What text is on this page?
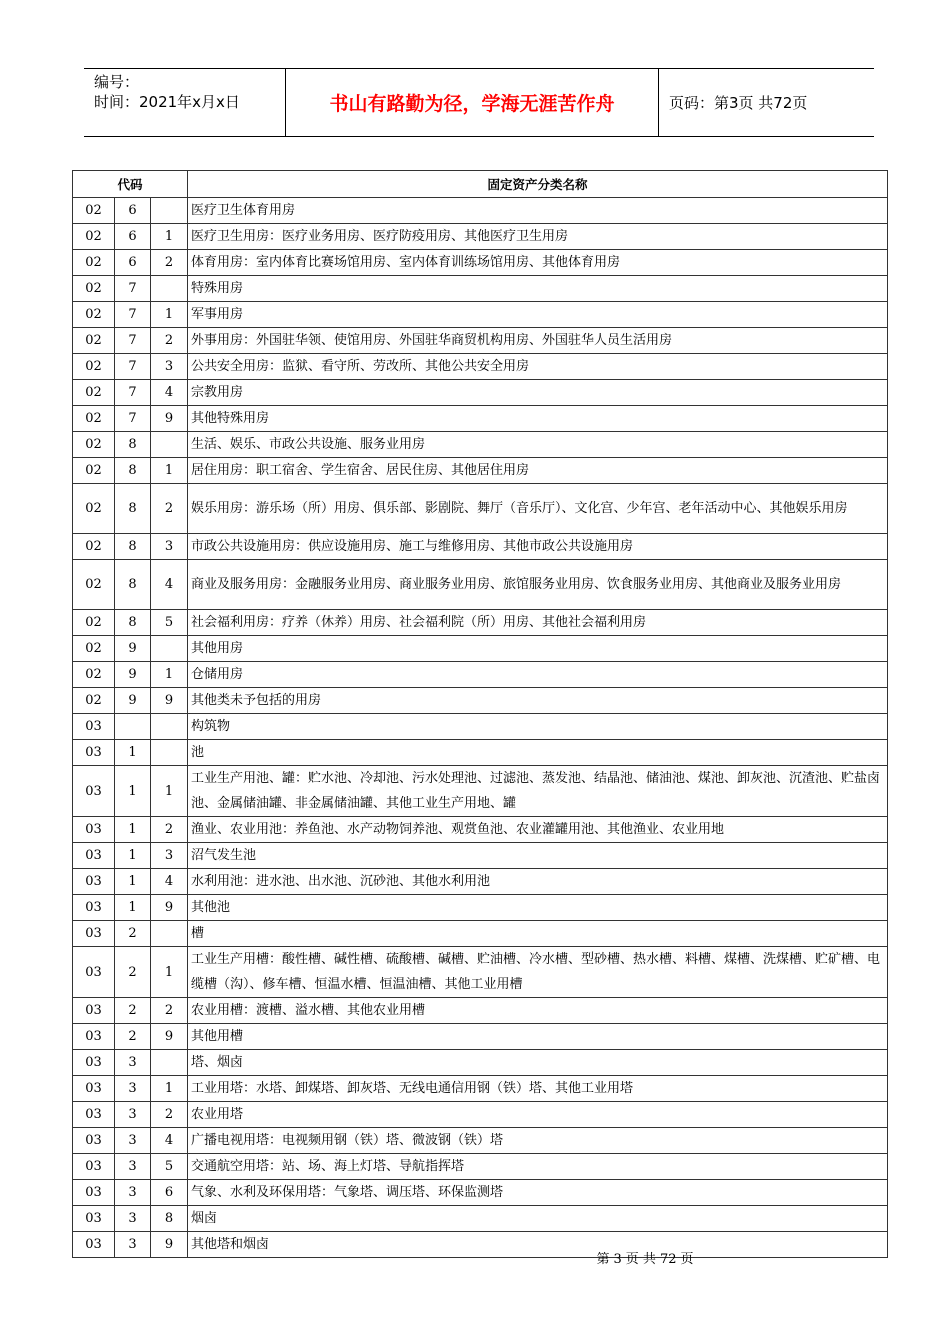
编号：
时间：2021年x月x日	书山有路勤为径，学海无涯苦作舟	页码：第3页 共72页
代码			固定资产分类名称
02	6		医疗卫生体育用房
02	6	1	医疗卫生用房：医疗业务用房、医疗防疫用房、其他医疗卫生用房
02	6	2	体育用房：室内体育比赛场馆用房、室内体育训练场馆用房、其他体育用房
02	7		特殊用房
02	7	1	军事用房
02	7	2	外事用房：外国驻华领、使馆用房、外国驻华商贸机构用房、外国驻华人员生活用房
02	7	3	公共安全用房：监狱、看守所、劳改所、其他公共安全用房
02	7	4	宗教用房
02	7	9	其他特殊用房
02	8		生活、娱乐、市政公共设施、服务业用房
02	8	1	居住用房：职工宿舍、学生宿舍、居民住房、其他居住用房
02	8	2	娱乐用房：游乐场（所）用房、俱乐部、影剧院、舞厅（音乐厅）、文化宫、少年宫、老年活动中心、其他娱乐用房
02	8	3	市政公共设施用房：供应设施用房、施工与维修用房、其他市政公共设施用房
02	8	4	商业及服务用房：金融服务业用房、商业服务业用房、旅馆服务业用房、饮食服务业用房、其他商业及服务业用房
02	8	5	社会福利用房：疗养（休养）用房、社会福利院（所）用房、其他社会福利用房
02	9		其他用房
02	9	1	仓储用房
02	9	9	其他类未予包括的用房
03			构筑物
03	1		池
03	1	1	工业生产用池、罐：贮水池、冷却池、污水处理池、过滤池、蒸发池、结晶池、储油池、煤池、卸灰池、沉渣池、贮盐卤池、金属储油罐、非金属储油罐、其他工业生产用地、罐
03	1	2	渔业、农业用池：养鱼池、水产动物饲养池、观赏鱼池、农业灌罐用池、其他渔业、农业用地
03	1	3	沼气发生池
03	1	4	水利用池：进水池、出水池、沉砂池、其他水利用池
03	1	9	其他池
03	2		槽
03	2	1	工业生产用槽：酸性槽、碱性槽、硫酸槽、碱槽、贮油槽、冷水槽、型砂槽、热水槽、料槽、煤槽、洗煤槽、贮矿槽、电缆槽（沟）、修车槽、恒温水槽、恒温油槽、其他工业用槽
03	2	2	农业用槽：渡槽、溢水槽、其他农业用槽
03	2	9	其他用槽
03	3		塔、烟卤
03	3	1	工业用塔：水塔、卸煤塔、卸灰塔、无线电通信用钢（铁）塔、其他工业用塔
03	3	2	农业用塔
03	3	4	广播电视用塔：电视频用钢（铁）塔、微波钢（铁）塔
03	3	5	交通航空用塔：站、场、海上灯塔、导航指挥塔
03	3	6	气象、水利及环保用塔：气象塔、调压塔、环保监测塔
03	3	8	烟卤
03	3	9	其他塔和烟卤
第 3 页 共 72 页
